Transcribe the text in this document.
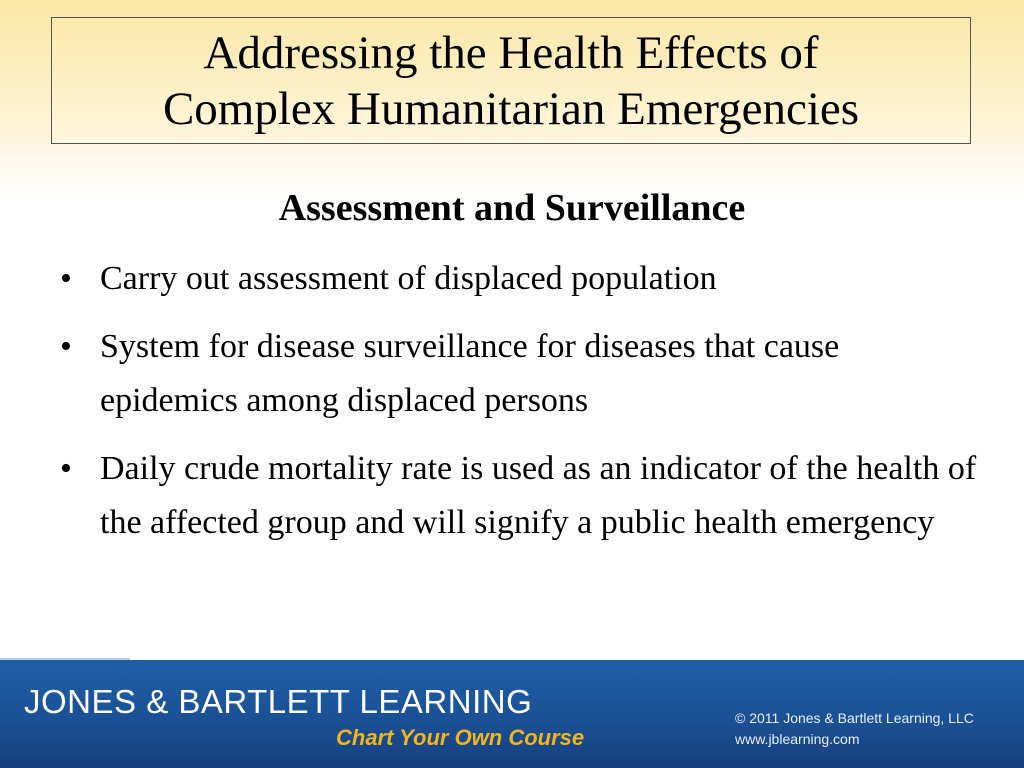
Addressing the Health Effects of
Complex Humanitarian Emergencies
Assessment and Surveillance
• Carry out assessment of displaced population
• System for disease surveillance for diseases that cause epidemics among displaced persons
• Daily crude mortality rate is used as an indicator of the health of the affected group and will signify a public health emergency
JONES & BARTLETT LEARNING
Chart Your Own Course
© 2011 Jones & Bartlett Learning, LLC
www.jblearning.com
